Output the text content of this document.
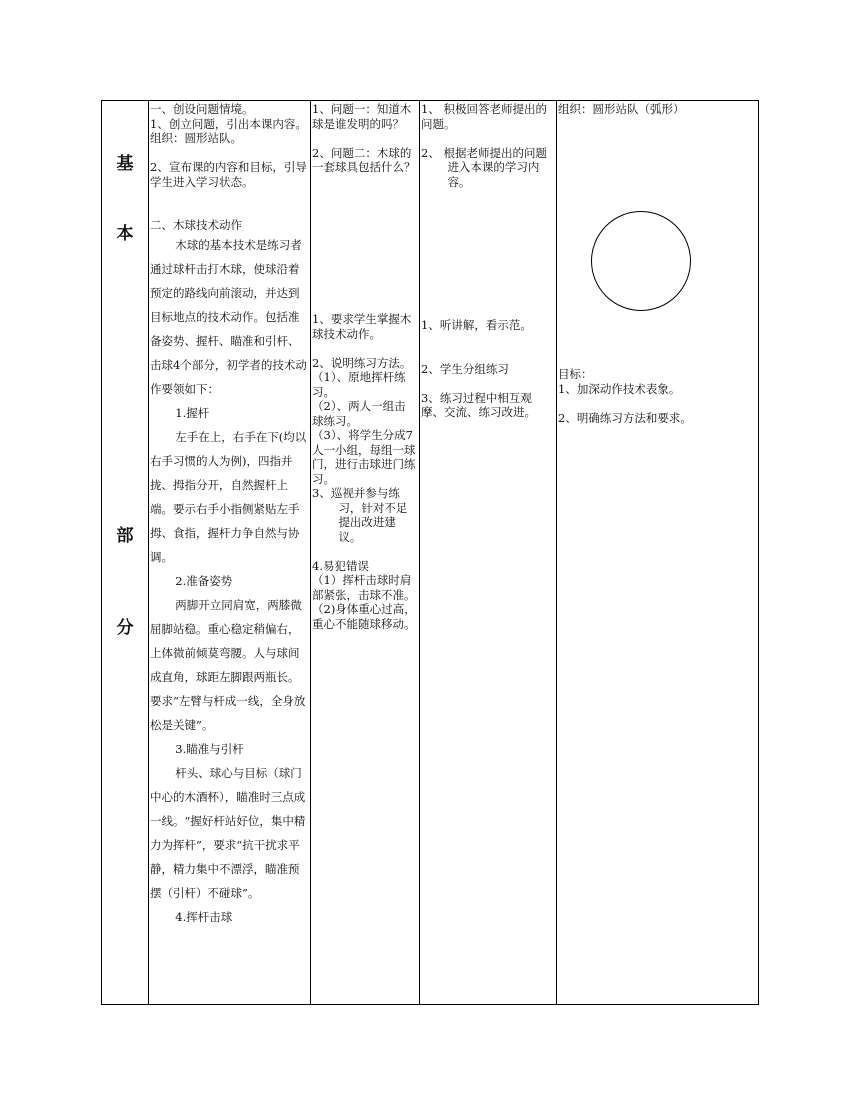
基
本
部
分

一、创设问题情境。

1、创立问题，引出本课内容。

组织：圆形站队。

2、宣布课的内容和目标，引导学生进入学习状态。

二、木球技术动作

木球的基本技术是练习者通过球杆击打木球，使球沿着预定的路线向前滚动，并达到目标地点的技术动作。包括准备姿势、握杆、瞄准和引杆、击球4个部分，初学者的技术动作要领如下：

1.握杆

左手在上，右手在下(均以右手习惯的人为例)，四指并拢、拇指分开，自然握杆上端。要示右手小指侧紧贴左手拇、食指，握杆力争自然与协调。

2.准备姿势

两脚开立同肩宽，两膝微屈脚站稳。重心稳定稍偏右，上体微前倾莫弯腰。人与球间成直角，球距左脚跟两瓶长。要求“左臂与杆成一线，全身放松是关键”。

3.瞄准与引杆

杆头、球心与目标（球门中心的木酒杯），瞄准时三点成一线。“握好杆站好位，集中精力为挥杆”，要求“抗干扰求平静，精力集中不漂浮，瞄准预摆（引杆）不碰球”。

4.挥杆击球

1、问题一：知道木球是谁发明的吗？

2、问题二：木球的一套球具包括什么？

1、要求学生掌握木球技术动作。

2、说明练习方法。

（1）、原地挥杆练习。

（2）、两人一组击球练习。

（3）、将学生分成7人一小组，每组一球门，进行击球进门练习。

3、巡视并参与练习，针对不足提出改进建议。

4.易犯错误

（1）挥杆击球时肩部紧张，击球不准。

（2)身体重心过高，重心不能随球移动。

1、 积极回答老师提出的问题。

2、 根据老师提出的问题进入本课的学习内容。

1、听讲解，看示范。

2、学生分组练习

3、练习过程中相互观摩、交流、练习改进。

组织：圆形站队（弧形）

目标：

1、加深动作技术表象。

2、明确练习方法和要求。
